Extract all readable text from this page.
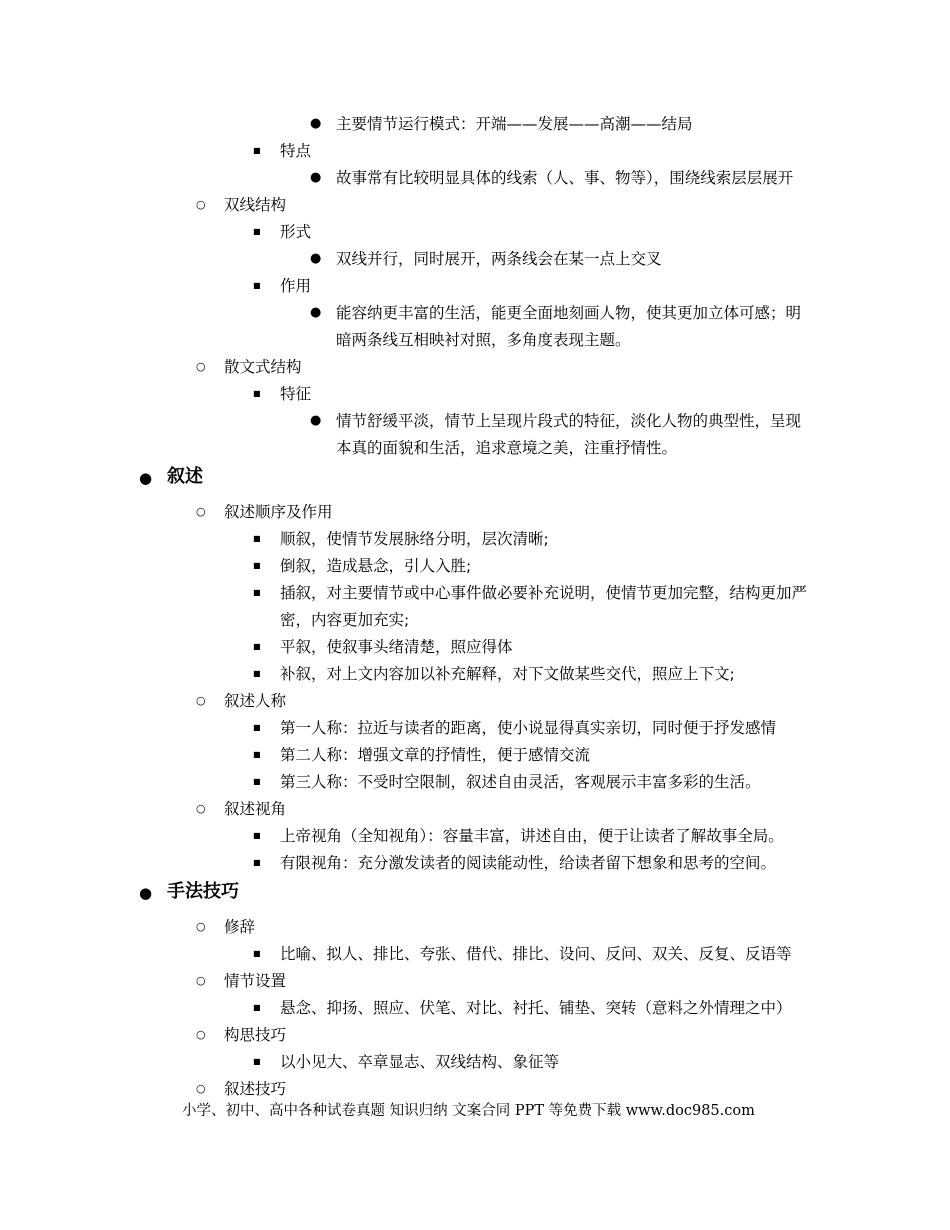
● 主要情节运行模式：开端——发展——高潮——结局
■ 特点
● 故事常有比较明显具体的线索（人、事、物等），围绕线索层层展开
○ 双线结构
■ 形式
● 双线并行，同时展开，两条线会在某一点上交叉
■ 作用
● 能容纳更丰富的生活，能更全面地刻画人物，使其更加立体可感；明
暗两条线互相映衬对照，多角度表现主题。
○ 散文式结构
■ 特征
● 情节舒缓平淡，情节上呈现片段式的特征，淡化人物的典型性，呈现
本真的面貌和生活，追求意境之美，注重抒情性。
● 叙述
○ 叙述顺序及作用
■ 顺叙，使情节发展脉络分明，层次清晰;
■ 倒叙，造成悬念，引人入胜;
■ 插叙，对主要情节或中心事件做必要补充说明，使情节更加完整，结构更加严
密，内容更加充实;
■ 平叙，使叙事头绪清楚，照应得体
■ 补叙，对上文内容加以补充解释，对下文做某些交代，照应上下文;
○ 叙述人称
■ 第一人称：拉近与读者的距离，使小说显得真实亲切，同时便于抒发感情
■ 第二人称：增强文章的抒情性，便于感情交流
■ 第三人称：不受时空限制，叙述自由灵活，客观展示丰富多彩的生活。
○ 叙述视角
■ 上帝视角（全知视角）：容量丰富，讲述自由，便于让读者了解故事全局。
■ 有限视角：充分激发读者的阅读能动性，给读者留下想象和思考的空间。
● 手法技巧
○ 修辞
■ 比喻、拟人、排比、夸张、借代、排比、设问、反问、双关、反复、反语等
○ 情节设置
■ 悬念、抑扬、照应、伏笔、对比、衬托、铺垫、突转（意料之外情理之中）
○ 构思技巧
■ 以小见大、卒章显志、双线结构、象征等
○ 叙述技巧
小学、初中、高中各种试卷真题 知识归纳 文案合同 PPT 等免费下载 www.doc985.com
